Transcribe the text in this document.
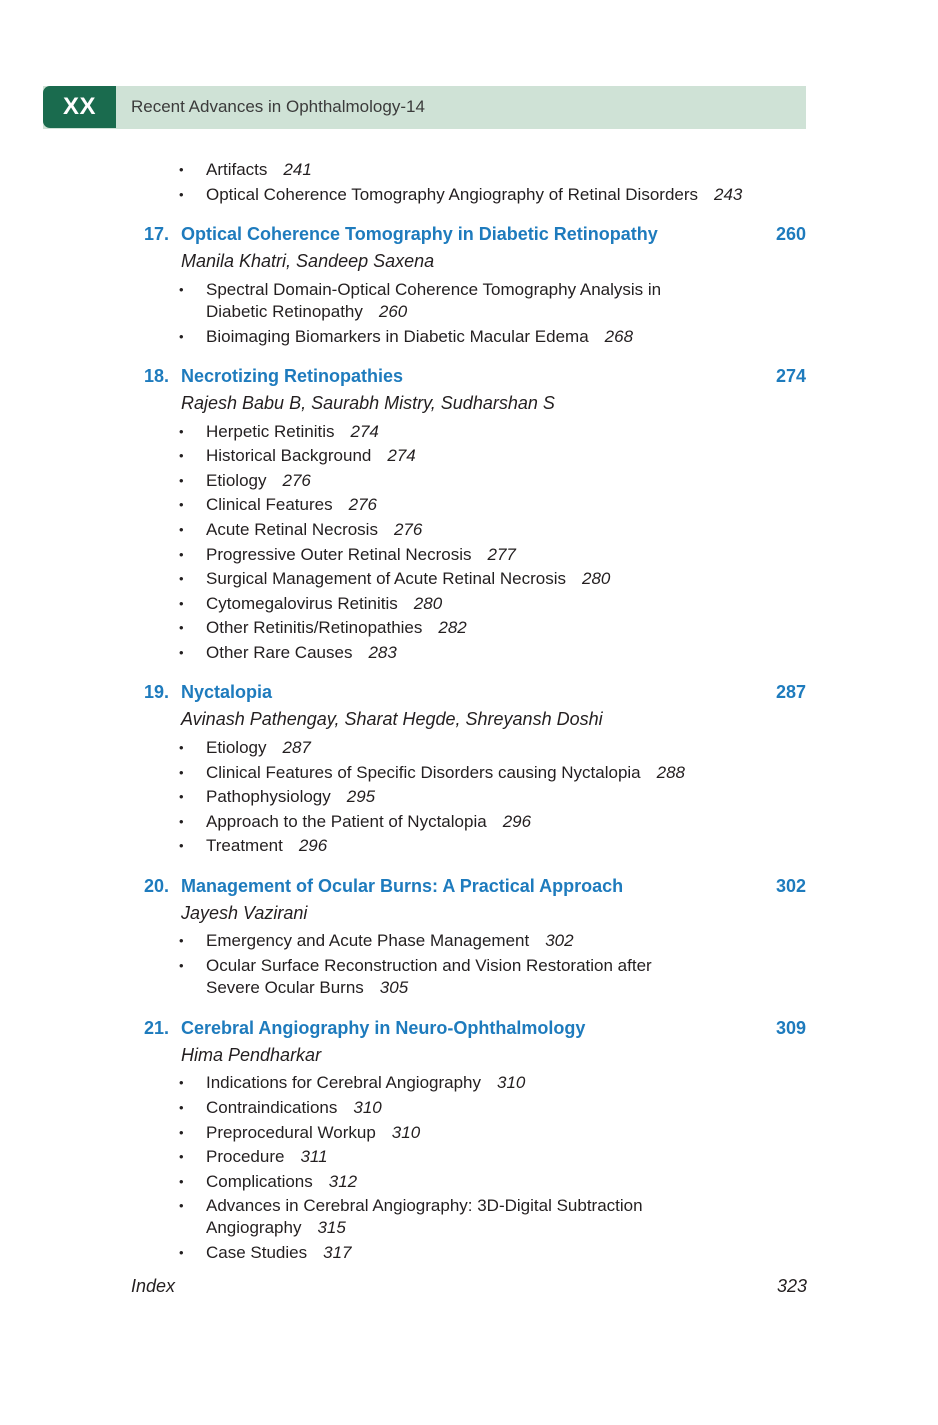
XX	Recent Advances in Ophthalmology-14
• Artifacts 241
• Optical Coherence Tomography Angiography of Retinal Disorders 243
17. Optical Coherence Tomography in Diabetic Retinopathy	260
Manila Khatri, Sandeep Saxena
• Spectral Domain-Optical Coherence Tomography Analysis in Diabetic Retinopathy 260
• Bioimaging Biomarkers in Diabetic Macular Edema 268
18. Necrotizing Retinopathies	274
Rajesh Babu B, Saurabh Mistry, Sudharshan S
• Herpetic Retinitis 274
• Historical Background 274
• Etiology 276
• Clinical Features 276
• Acute Retinal Necrosis 276
• Progressive Outer Retinal Necrosis 277
• Surgical Management of Acute Retinal Necrosis 280
• Cytomegalovirus Retinitis 280
• Other Retinitis/Retinopathies 282
• Other Rare Causes 283
19. Nyctalopia	287
Avinash Pathengay, Sharat Hegde, Shreyansh Doshi
• Etiology 287
• Clinical Features of Specific Disorders causing Nyctalopia 288
• Pathophysiology 295
• Approach to the Patient of Nyctalopia 296
• Treatment 296
20. Management of Ocular Burns: A Practical Approach	302
Jayesh Vazirani
• Emergency and Acute Phase Management 302
• Ocular Surface Reconstruction and Vision Restoration after Severe Ocular Burns 305
21. Cerebral Angiography in Neuro-Ophthalmology	309
Hima Pendharkar
• Indications for Cerebral Angiography 310
• Contraindications 310
• Preprocedural Workup 310
• Procedure 311
• Complications 312
• Advances in Cerebral Angiography: 3D-Digital Subtraction Angiography 315
• Case Studies 317
Index	323
